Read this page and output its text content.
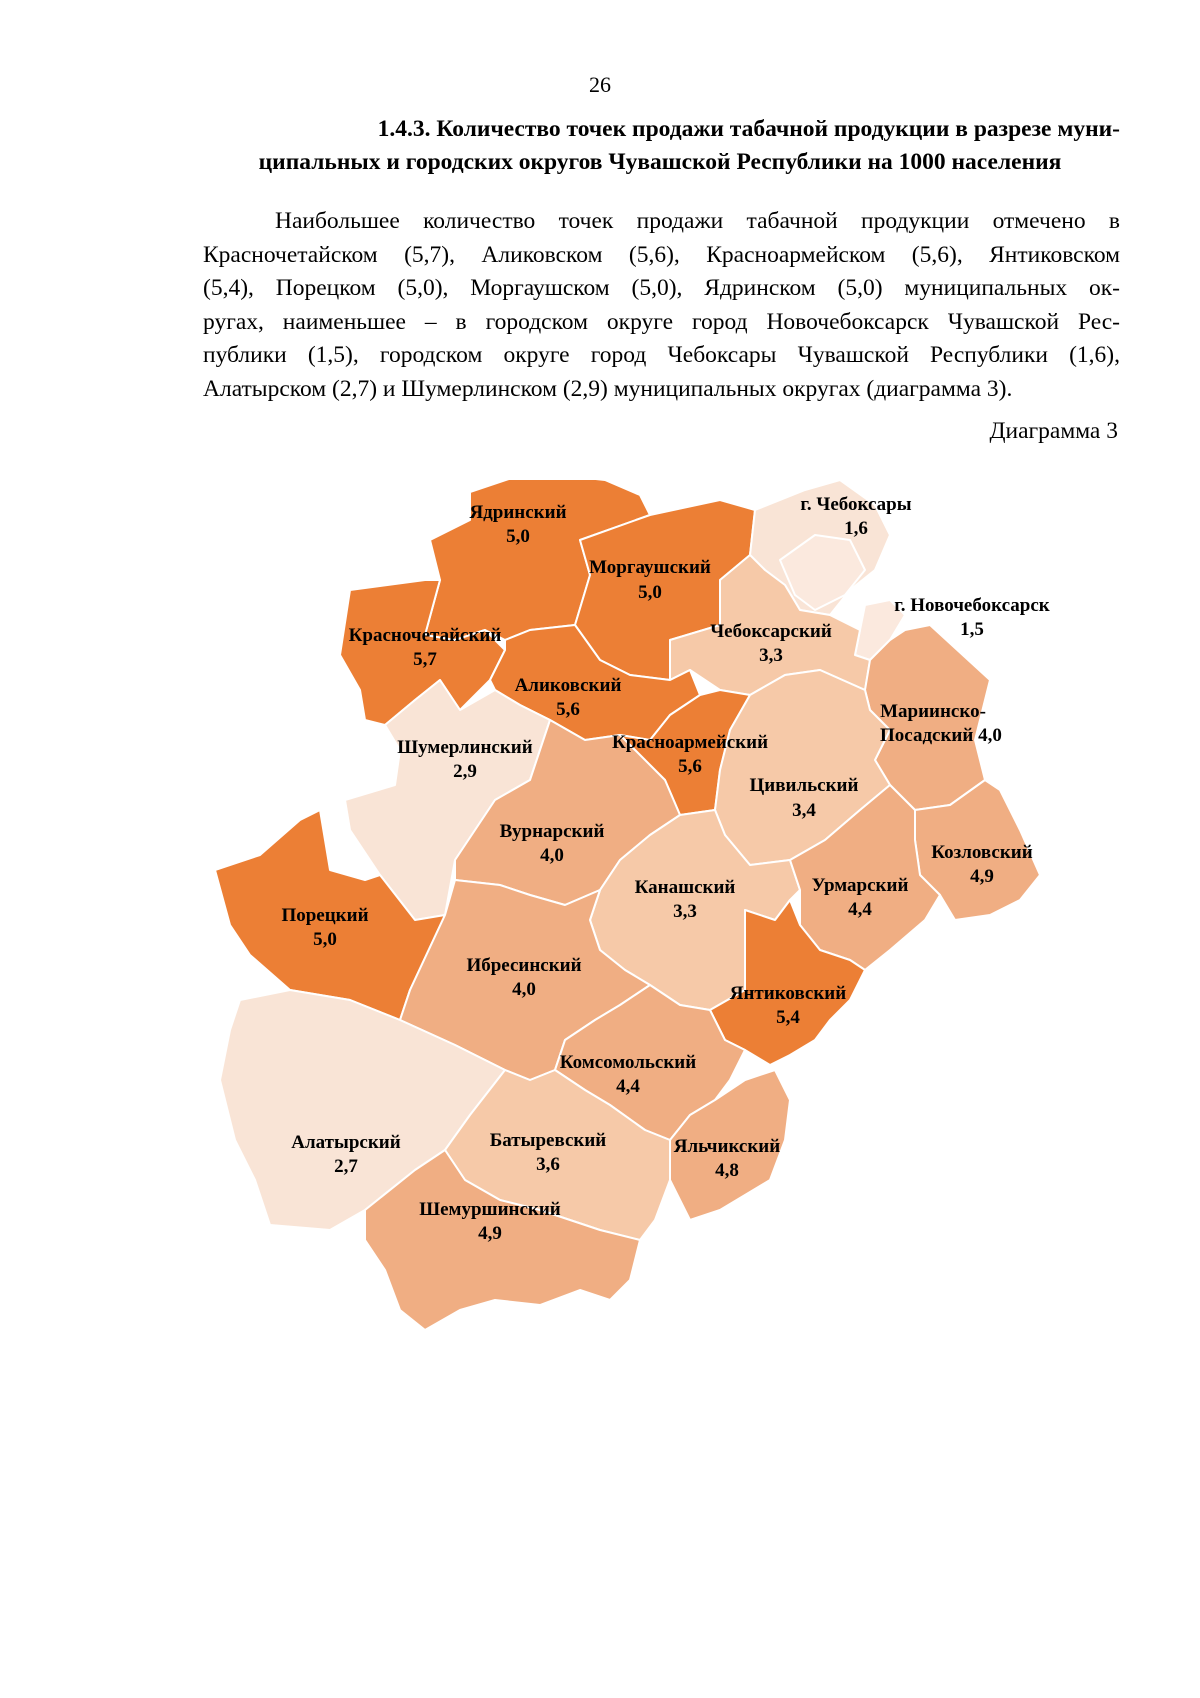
26
1.4.3. Количество точек продажи табачной продукции в разрезе муни-
ципальных и городских округов Чувашской Республики на 1000 населения
Наибольшее количество точек продажи табачной продукции отмечено в
Красночетайском (5,7), Аликовском (5,6), Красноармейском (5,6), Янтиковском
(5,4), Порецком (5,0), Моргаушском (5,0), Ядринском (5,0) муниципальных ок-
ругах, наименьшее – в городском округе город Новочебоксарск Чувашской Рес-
публики (1,5), городском округе город Чебоксары Чувашской Республики (1,6),
Алатырском (2,7) и Шумерлинском (2,9) муниципальных округах (диаграмма 3).
Диаграмма 3
Ядринский
5,0
Моргаушский
5,0
г. Чебоксары
1,6
г. Новочебоксарск
1,5
Красночетайский
5,7
Чебоксарский
3,3
Аликовский
5,6	Мариинско-
Посадский 4,0
Шумерлинский
2,9
Красноармейский
5,6
Цивильский
3,4
Вурнарский
4,0	Козловский
4,9
Канашский
3,3
Урмарский
4,4
Порецкий
5,0
Ибресинский
4,0	Янтиковский
5,4
Комсомольский
4,4
Алатырский
2,7
Батыревский
3,6
Яльчикский
4,8
Шемуршинский
4,9
